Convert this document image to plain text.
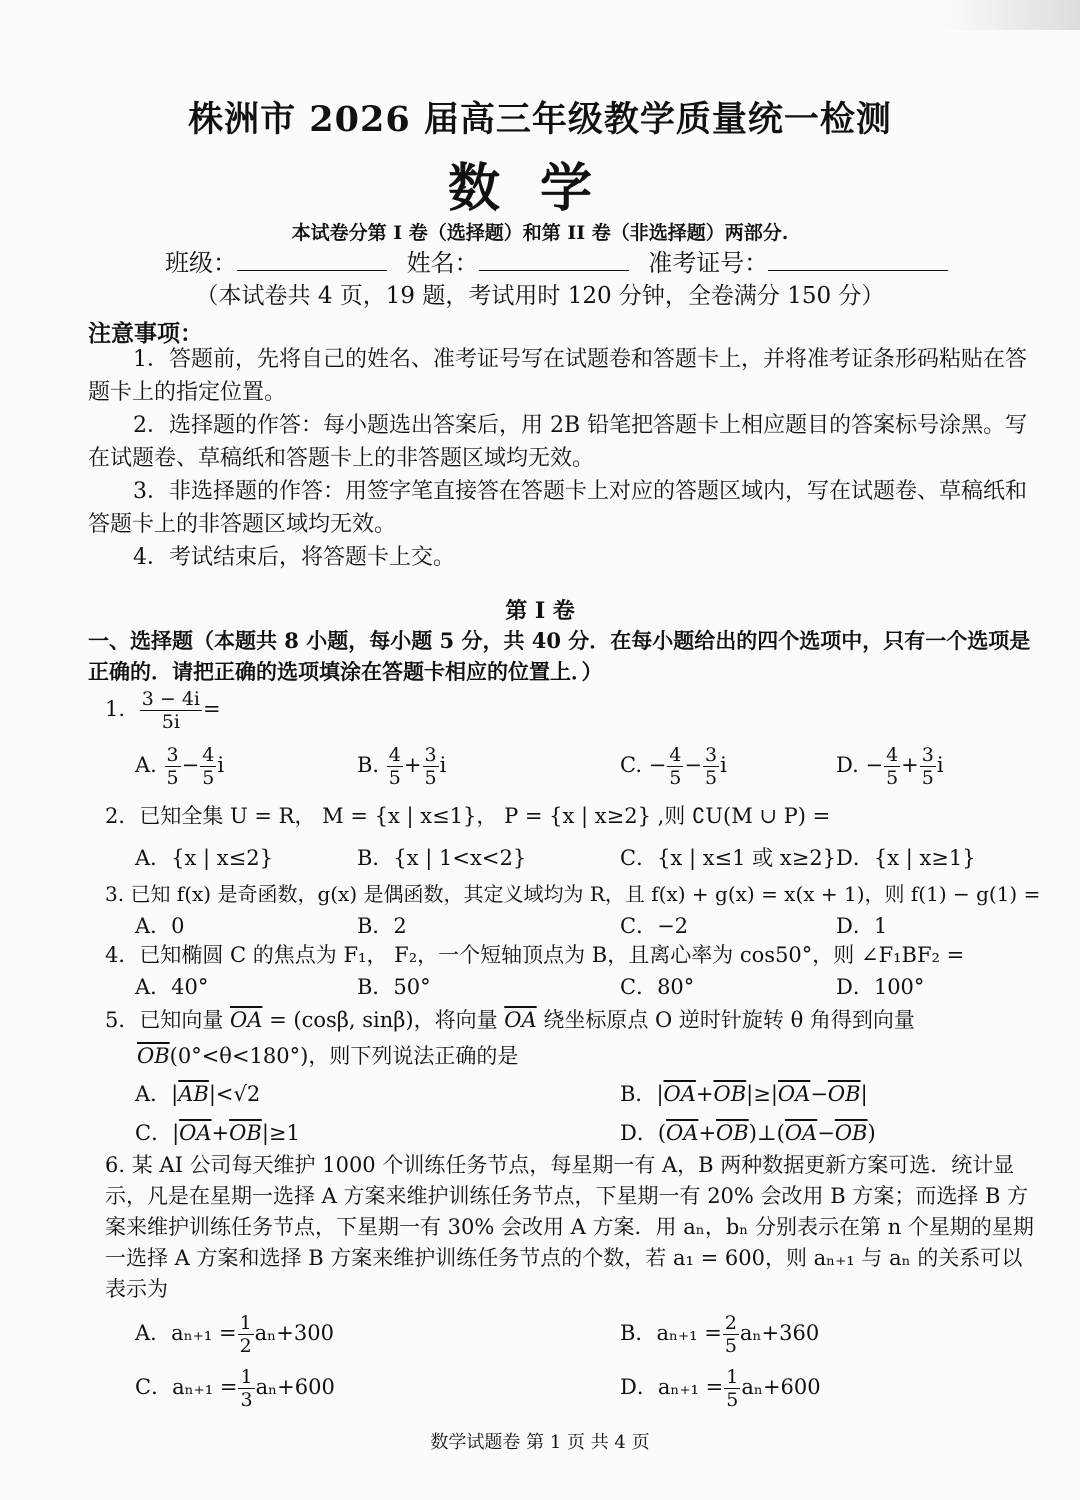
株洲市 2026 届高三年级教学质量统一检测
数学
本试卷分第 I 卷（选择题）和第 II 卷（非选择题）两部分.
班级：	姓名：	准考证号：
（本试卷共 4 页，19 题，考试用时 120 分钟，全卷满分 150 分）
注意事项：
1．答题前，先将自己的姓名、准考证号写在试题卷和答题卡上，并将准考证条形码粘贴在答题卡上的指定位置。
2．选择题的作答：每小题选出答案后，用 2B 铅笔把答题卡上相应题目的答案标号涂黑。写在试题卷、草稿纸和答题卡上的非答题区域均无效。
3．非选择题的作答：用签字笔直接答在答题卡上对应的答题区域内，写在试题卷、草稿纸和答题卡上的非答题区域均无效。
4．考试结束后，将答题卡上交。
第 I 卷
一、选择题（本题共 8 小题，每小题 5 分，共 40 分．在每小题给出的四个选项中，只有一个选项是正确的．请把正确的选项填涂在答题卡相应的位置上．）
1. $\frac{3 - 4i}{5i}$ =
A. $\frac{3}{5} - \frac{4}{5}$ i	B. $\frac{4}{5} + \frac{3}{5}$ i	C. − $\frac{4}{5} - \frac{3}{5}$ i	D. − $\frac{4}{5} + \frac{3}{5}$ i
2．已知全集 U = R， M = {x | x≤1}， P = {x | x≥2} ,则 ∁U(M ∪ P) =
A．{x | x≤2}	B．{x | 1<x<2}	C．{x | x≤1 或 x≥2} D．{x | x≥1}
3. 已知 f(x) 是奇函数，g(x) 是偶函数，其定义域均为 R，且 f(x) + g(x) = x(x + 1)，则 f(1) − g(1) =
A．0	B．2	C．−2	D．1
4．已知椭圆 C 的焦点为 F₁， F₂，一个短轴顶点为 B，且离心率为 cos50°，则 ∠F₁BF₂ =
A．40°	B．50°	C．80°	D．100°
5．已知向量 $\overline{OA} = (\cos\beta$, sinβ)，将向量 $\overline{OA}$ 绕坐标原点 O 逆时针旋转 θ 角得到向量
$\overline{OB}(0^\circ<\theta<180^\circ)$，则下列说法正确的是
A．$|\overline{AB}|<√2$	B．$|\overline{OA}+\overline{OB}|\ge|\overline{OA}-\overline{OB}|$
C．$|\overline{OA}+\overline{OB}|\ge 1$	D．$(\overline{OA}+\overline{OB})\perp(\overline{OA}-\overline{OB})$
6. 某 AI 公司每天维护 1000 个训练任务节点，每星期一有 A，B 两种数据更新方案可选．统计显示，凡是在星期一选择 A 方案来维护训练任务节点，下星期一有 20% 会改用 B 方案；而选择 B 方案来维护训练任务节点，下星期一有 30% 会改用 A 方案．用 aₙ，bₙ 分别表示在第 n 个星期的星期一选择 A 方案和选择 B 方案来维护训练任务节点的个数，若 a₁ = 600，则 aₙ₊₁ 与 aₙ 的关系可以表示为
A．$a_{n+1} = \frac{1}{2} a_n+300$	B．$a_{n+1} = \frac{2}{5} a_n+360$
C．$a_{n+1} = \frac{1}{3} a_n+600$	D．$a_{n+1} = \frac{1}{5} a_n+600$
数学试题卷 第 1 页 共 4 页
